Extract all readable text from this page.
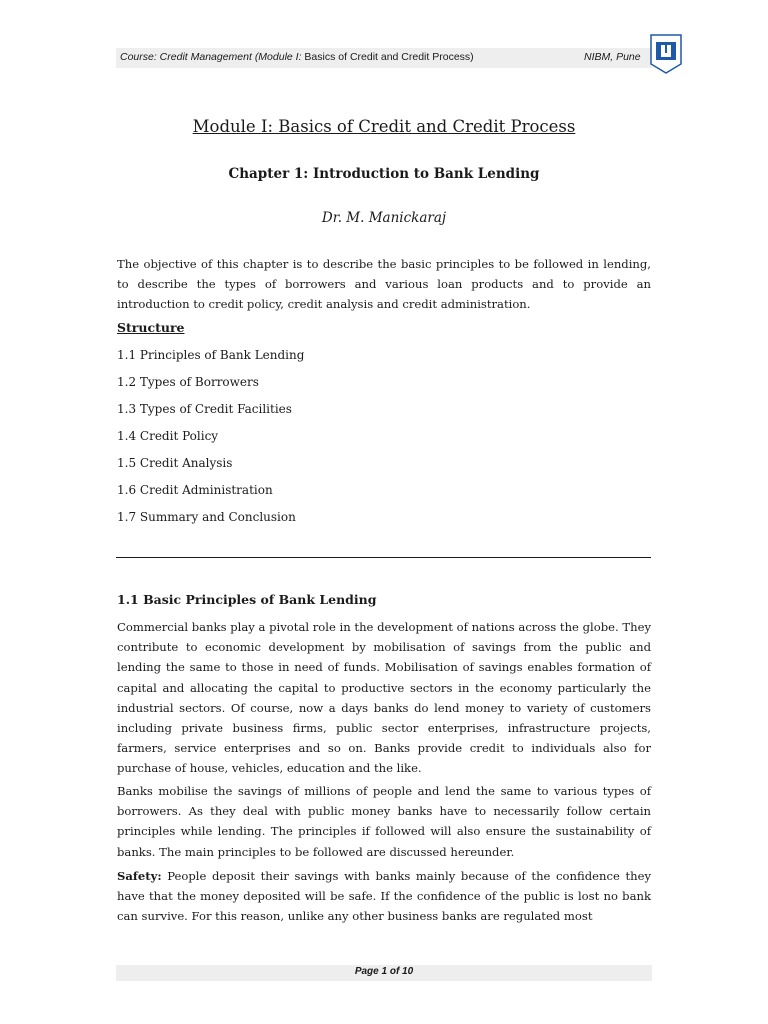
Course: Credit Management (Module I: Basics of Credit and Credit Process)	NIBM, Pune
Module I: Basics of Credit and Credit Process
Chapter 1: Introduction to Bank Lending
Dr. M. Manickaraj

The objective of this chapter is to describe the basic principles to be followed in lending, to describe the types of borrowers and various loan products and to provide an introduction to credit policy, credit analysis and credit administration.

Structure
1.1 Principles of Bank Lending
1.2 Types of Borrowers
1.3 Types of Credit Facilities
1.4 Credit Policy
1.5 Credit Analysis
1.6 Credit Administration
1.7 Summary and Conclusion
1.1 Basic Principles of Bank Lending

Commercial banks play a pivotal role in the development of nations across the globe. They contribute to economic development by mobilisation of savings from the public and lending the same to those in need of funds. Mobilisation of savings enables formation of capital and allocating the capital to productive sectors in the economy particularly the industrial sectors. Of course, now a days banks do lend money to variety of customers including private business firms, public sector enterprises, infrastructure projects, farmers, service enterprises and so on. Banks provide credit to individuals also for purchase of house, vehicles, education and the like.

Banks mobilise the savings of millions of people and lend the same to various types of borrowers. As they deal with public money banks have to necessarily follow certain principles while lending. The principles if followed will also ensure the sustainability of banks. The main principles to be followed are discussed hereunder.

Safety: People deposit their savings with banks mainly because of the confidence they have that the money deposited will be safe. If the confidence of the public is lost no bank can survive. For this reason, unlike any other business banks are regulated most

Page 1 of 10
